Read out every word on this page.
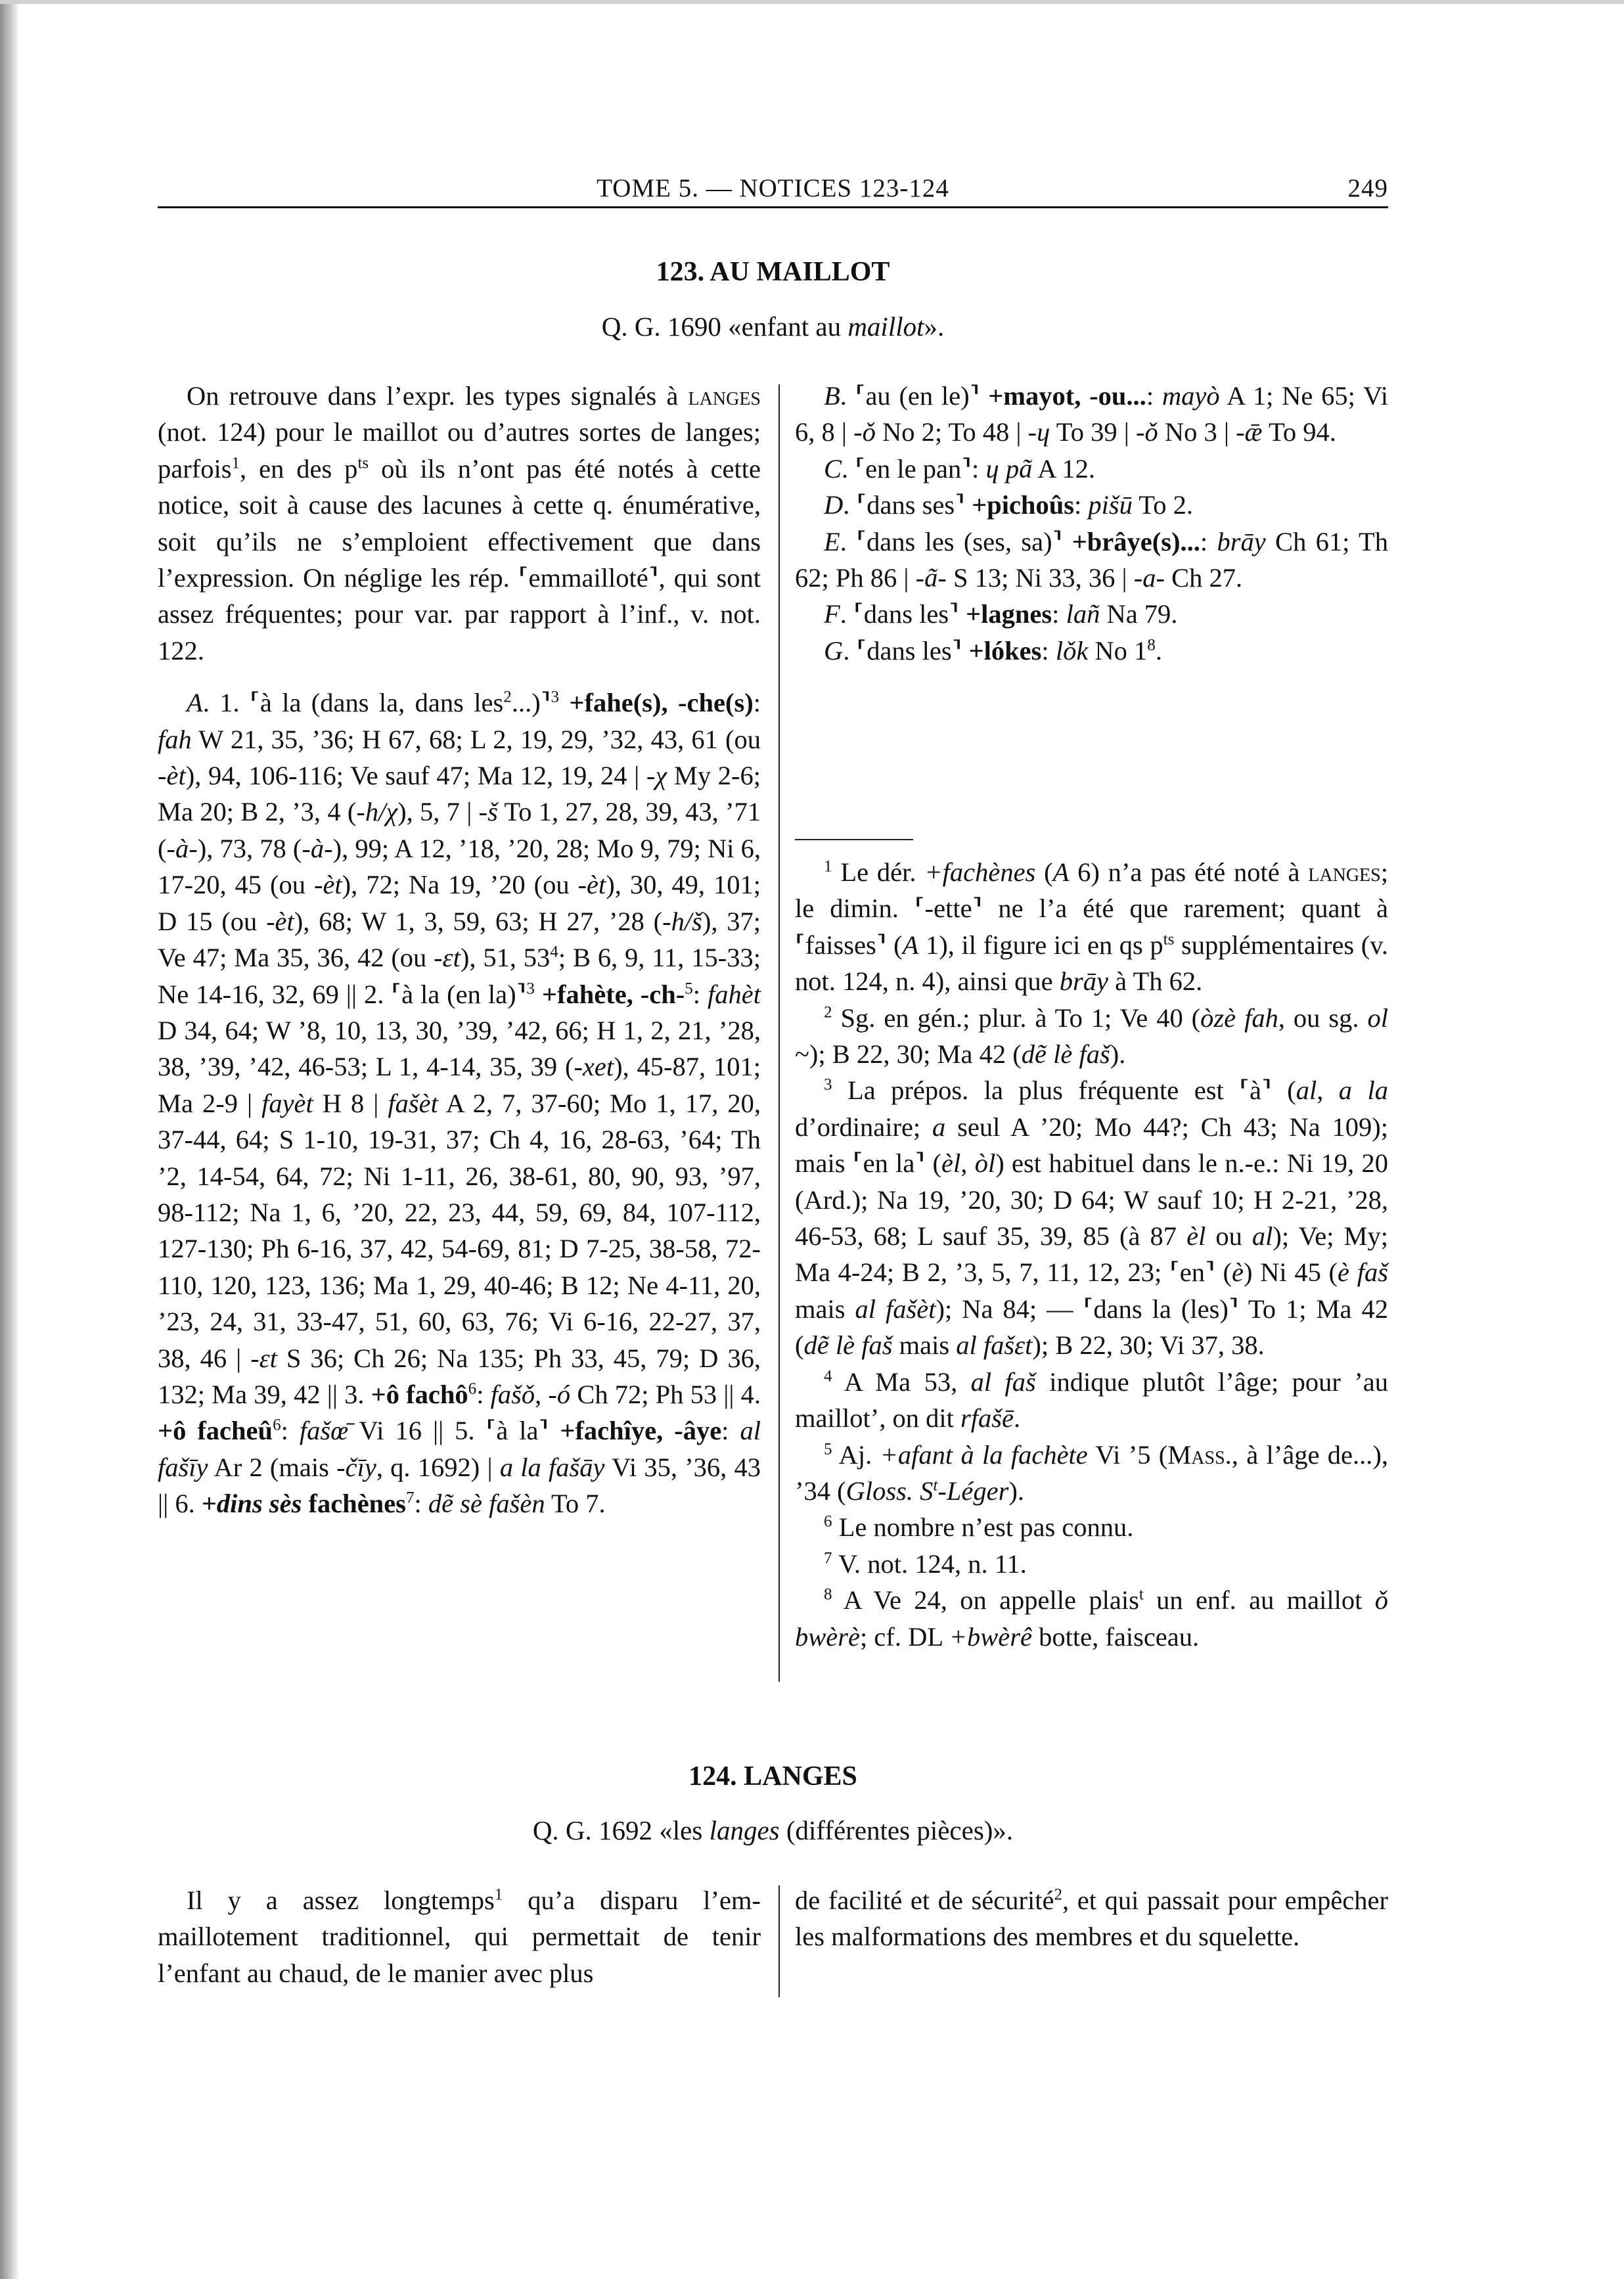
TOME 5. — NOTICES 123-124	249
123. AU MAILLOT
Q. G. 1690 «enfant au maillot».

On retrouve dans l’expr. les types signalés à langes (not. 124) pour le maillot ou d’autres sortes de langes; parfois$^1$, en des $p^{ts}$ où ils n’ont pas été notés à cette notice, soit à cause des lacunes à cette q. énumérative, soit qu’ils ne s’emploient effectivement que dans l’expression. On néglige les rép. ⸢emmailloté⸣, qui sont assez fréquentes; pour var. par rapport à l’inf., v. not. 122.

A. 1. ⸢à la (dans la, dans les$^2$...)⸣$^3$ +fahe(s), -che(s): fah W 21, 35, ’36; H 67, 68; L 2, 19, 29, ’32, 43, 61 (ou -èt), 94, 106-116; Ve sauf 47; Ma 12, 19, 24 | -χ My 2-6; Ma 20; B 2, ’3, 4 (-h/χ), 5, 7 | -š To 1, 27, 28, 39, 43, ’71 (-à-), 73, 78 (-à-), 99; A 12, ’18, ’20, 28; Mo 9, 79; Ni 6, 17-20, 45 (ou -èt), 72; Na 19, ’20 (ou -èt), 30, 49, 101; D 15 (ou -èt), 68; W 1, 3, 59, 63; H 27, ’28 (-h/š), 37; Ve 47; Ma 35, 36, 42 (ou -ɛt), 51, $53^4$; B 6, 9, 11, 15-33; Ne 14-16, 32, 69 || 2. ⸢à la (en la)⸣$^3$ +fahète, -ch-$^5$: fahèt D 34, 64; W ’8, 10, 13, 30, ’39, ’42, 66; H 1, 2, 21, ’28, 38, ’39, ’42, 46-53; L 1, 4-14, 35, 39 (-xet), 45-87, 101; Ma 2-9 | fayèt H 8 | fašèt A 2, 7, 37-60; Mo 1, 17, 20, 37-44, 64; S 1-10, 19-31, 37; Ch 4, 16, 28-63, ’64; Th ’2, 14-54, 64, 72; Ni 1-11, 26, 38-61, 80, 90, 93, ’97, 98-112; Na 1, 6, ’20, 22, 23, 44, 59, 69, 84, 107-112, 127-130; Ph 6-16, 37, 42, 54-69, 81; D 7-25, 38-58, 72-110, 120, 123, 136; Ma 1, 29, 40-46; B 12; Ne 4-11, 20, ’23, 24, 31, 33-47, 51, 60, 63, 76; Vi 6-16, 22-27, 37, 38, 46 | -ɛt S 36; Ch 26; Na 135; Ph 33, 45, 79; D 36, 132; Ma 39, 42 || 3. +ô fachô$^6$: fašǒ, -ó Ch 72; Ph 53 || 4. +ô facheû$^6$: fašœ̄ Vi 16 || 5. ⸢à la⸣ +fachîye, -âye: al fašīy Ar 2 (mais -čīy, q. 1692) | a la fašāy Vi 35, ’36, 43 || 6. +dins sès fachènes$^7$: dẽ sè fašèn To 7.

B. ⸢au (en le)⸣ +mayot, -ou...: mayò A 1; Ne 65; Vi 6, 8 | -ǒ No 2; To 48 | -ɥ To 39 | -ǒ No 3 | -ǣ To 94.

C. ⸢en le pan⸣: ɥ pã A 12.

D. ⸢dans ses⸣ +pichoûs: pišū To 2.

E. ⸢dans les (ses, sa)⸣ +brâye(s)...: brāy Ch 61; Th 62; Ph 86 | -ã- S 13; Ni 33, 36 | -a- Ch 27.

F. ⸢dans les⸣ +lagnes: lañ Na 79.

G. ⸢dans les⸣ +lókes: lǒk No $1^8$.

$^1$ Le dér. +fachènes (A 6) n’a pas été noté à langes; le dimin. ⸢-ette⸣ ne l’a été que rarement; quant à ⸢faisses⸣ (A 1), il figure ici en qs $p^{ts}$ supplémentaires (v. not. 124, n. 4), ainsi que brāy à Th 62.

$^2$ Sg. en gén.; plur. à To 1; Ve 40 (òzè fah, ou sg. ol ~); B 22, 30; Ma 42 (dẽ lè faš).

$^3$ La prépos. la plus fréquente est ⸢à⸣ (al, a la d’ordinaire; a seul A ’20; Mo 44?; Ch 43; Na 109); mais ⸢en la⸣ (èl, òl) est habituel dans le n.-e.: Ni 19, 20 (Ard.); Na 19, ’20, 30; D 64; W sauf 10; H 2-21, ’28, 46-53, 68; L sauf 35, 39, 85 (à 87 èl ou al); Ve; My; Ma 4-24; B 2, ’3, 5, 7, 11, 12, 23; ⸢en⸣ (è) Ni 45 (è faš mais al fašèt); Na 84; — ⸢dans la (les)⸣ To 1; Ma 42 (dẽ lè faš mais al fašɛt); B 22, 30; Vi 37, 38.

$^4$ A Ma 53, al faš indique plutôt l’âge; pour ’au maillot’, on dit rfašē.

$^5$ Aj. +afant à la fachète Vi ’5 (Mass., à l’âge de...), ’34 (Gloss. $S^t-Léger$).

$^6$ Le nombre n’est pas connu.

$^7$ V. not. 124, n. 11.

$^8$ A Ve 24, on appelle plais$^t$ un enf. au maillot ǒ bwèrè; cf. DL +bwèrê botte, faisceau.

124. LANGES
Q. G. 1692 «les langes (différentes pièces)».

Il y a assez longtemps$^1$ qu’a disparu l’emmaillotement traditionnel, qui permettait de tenir l’enfant au chaud, de le manier avec plus

de facilité et de sécurité$^2$, et qui passait pour empêcher les malformations des membres et du squelette.
